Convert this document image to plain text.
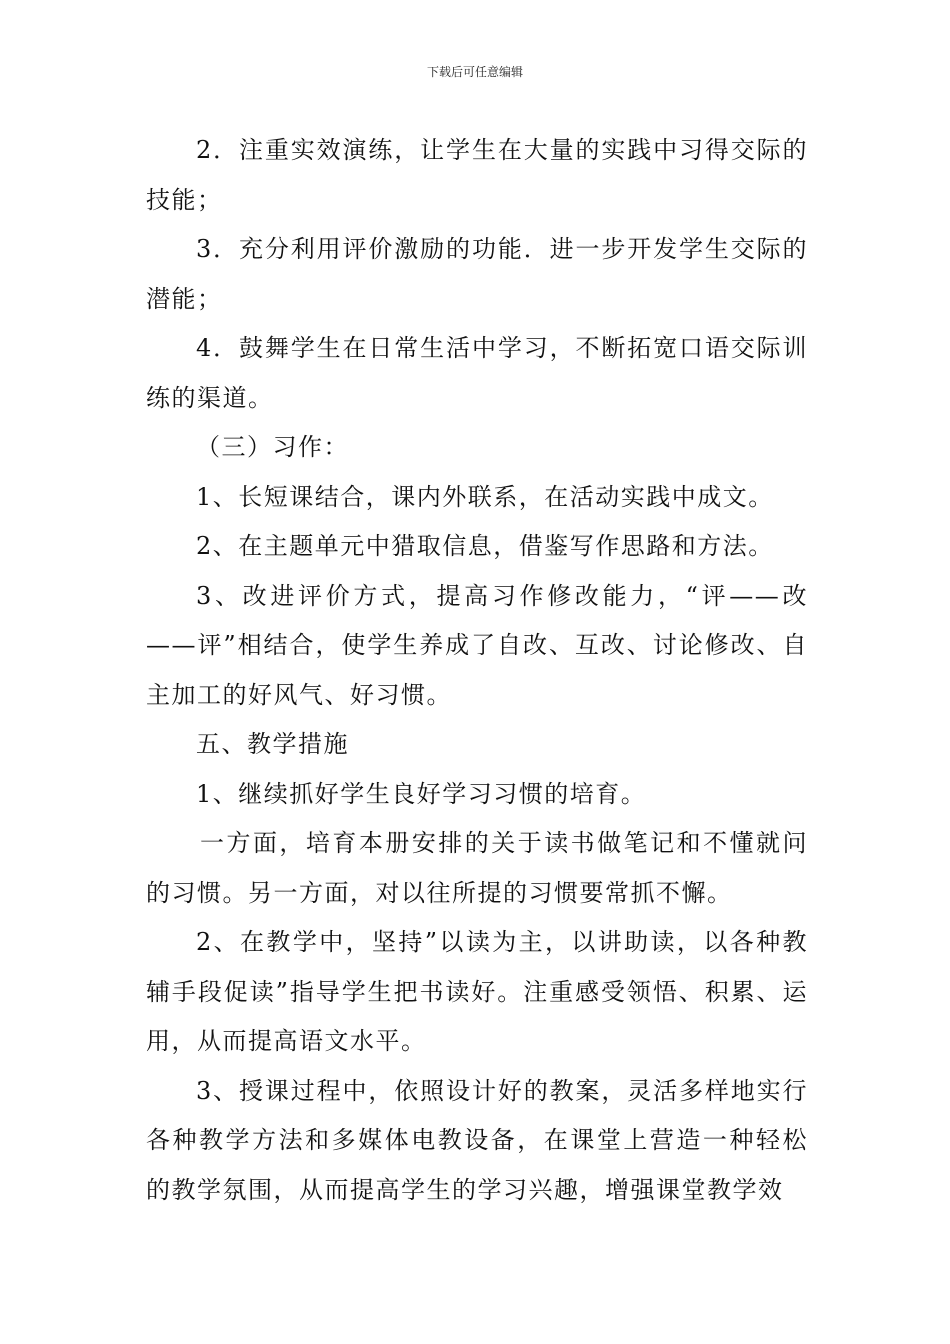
下载后可任意编辑

2．注重实效演练，让学生在大量的实践中习得交际的技能；

3．充分利用评价激励的功能．进一步开发学生交际的潜能；

4．鼓舞学生在日常生活中学习，不断拓宽口语交际训练的渠道。

（三）习作：

1、长短课结合，课内外联系，在活动实践中成文。

2、在主题单元中猎取信息，借鉴写作思路和方法。

3、改进评价方式，提高习作修改能力，“评——改——评”相结合，使学生养成了自改、互改、讨论修改、自主加工的好风气、好习惯。

五、教学措施

1、继续抓好学生良好学习习惯的培育。

一方面，培育本册安排的关于读书做笔记和不懂就问的习惯。另一方面，对以往所提的习惯要常抓不懈。

2、在教学中，坚持”以读为主，以讲助读，以各种教辅手段促读”指导学生把书读好。注重感受领悟、积累、运用，从而提高语文水平。

3、授课过程中，依照设计好的教案，灵活多样地实行各种教学方法和多媒体电教设备，在课堂上营造一种轻松的教学氛围，从而提高学生的学习兴趣，增强课堂教学效
